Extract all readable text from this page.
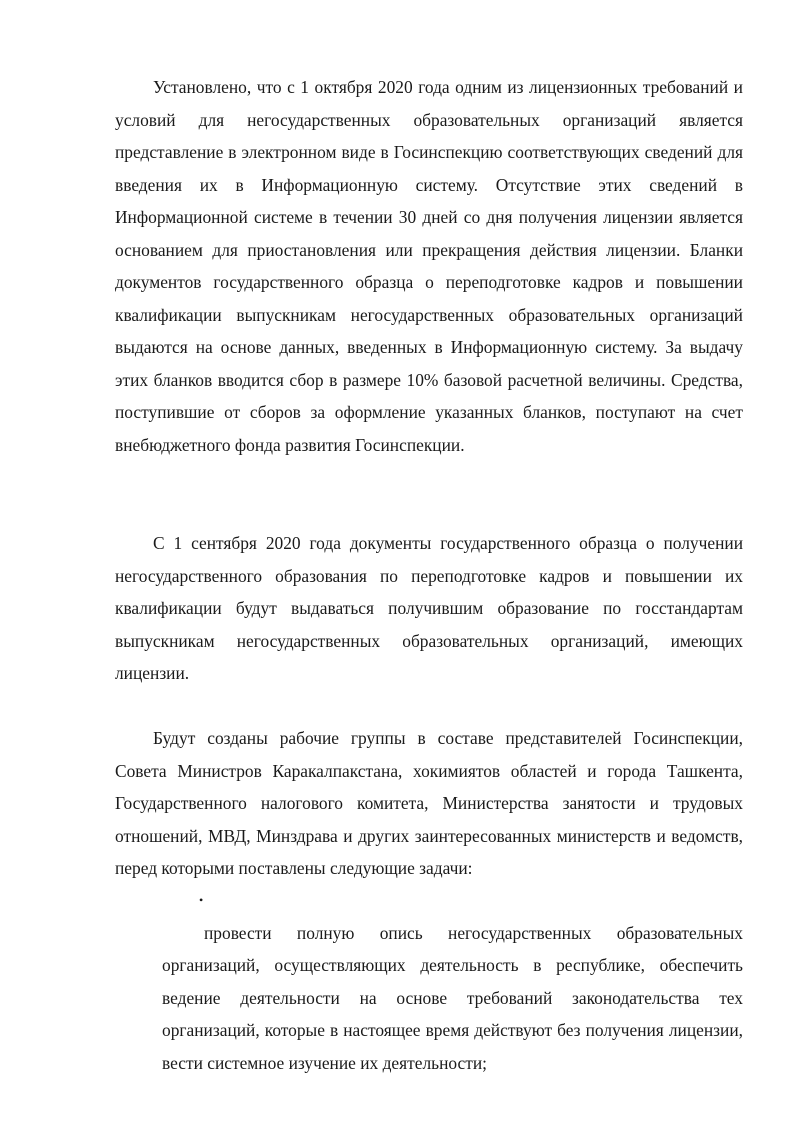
Установлено, что с 1 октября 2020 года одним из лицензионных требований и условий для негосударственных образовательных организаций является представление в электронном виде в Госинспекцию соответствующих сведений для введения их в Информационную систему. Отсутствие этих сведений в Информационной системе в течении 30 дней со дня получения лицензии является основанием для приостановления или прекращения действия лицензии. Бланки документов государственного образца о переподготовке кадров и повышении квалификации выпускникам негосударственных образовательных организаций выдаются на основе данных, введенных в Информационную систему. За выдачу этих бланков вводится сбор в размере 10% базовой расчетной величины. Средства, поступившие от сборов за оформление указанных бланков, поступают на счет внебюджетного фонда развития Госинспекции.

С 1 сентября 2020 года документы государственного образца о получении негосударственного образования по переподготовке кадров и повышении их квалификации будут выдаваться получившим образование по госстандартам выпускникам негосударственных образовательных организаций, имеющих лицензии.

Будут созданы рабочие группы в составе представителей Госинспекции, Совета Министров Каракалпакстана, хокимиятов областей и города Ташкента, Государственного налогового комитета, Министерства занятости и трудовых отношений, МВД, Минздрава и других заинтересованных министерств и ведомств, перед которыми поставлены следующие задачи:

•
провести полную опись негосударственных образовательных организаций, осуществляющих деятельность в республике, обеспечить ведение деятельности на основе требований законодательства тех организаций, которые в настоящее время действуют без получения лицензии, вести системное изучение их деятельности;
